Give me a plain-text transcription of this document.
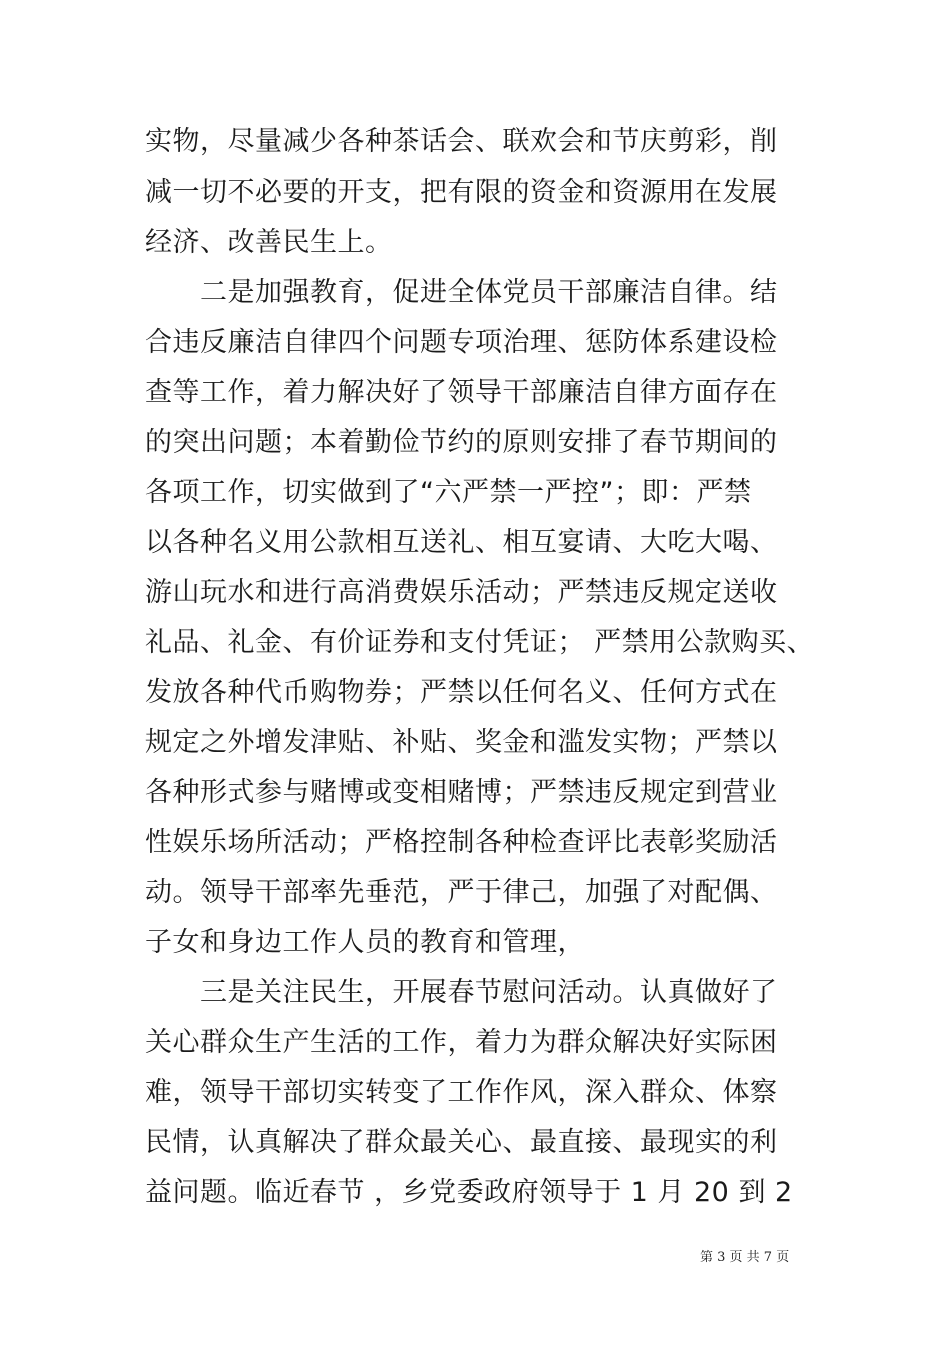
实物，尽量减少各种茶话会、联欢会和节庆剪彩，削
减一切不必要的开支，把有限的资金和资源用在发展
经济、改善民生上。
二是加强教育，促进全体党员干部廉洁自律。结
合违反廉洁自律四个问题专项治理、惩防体系建设检
查等工作，着力解决好了领导干部廉洁自律方面存在
的突出问题；本着勤俭节约的原则安排了春节期间的
各项工作，切实做到了“六严禁一严控”；即：严禁
以各种名义用公款相互送礼、相互宴请、大吃大喝、
游山玩水和进行高消费娱乐活动；严禁违反规定送收
礼品、礼金、有价证券和支付凭证； 严禁用公款购买、
发放各种代币购物券；严禁以任何名义、任何方式在
规定之外增发津贴、补贴、奖金和滥发实物；严禁以
各种形式参与赌博或变相赌博；严禁违反规定到营业
性娱乐场所活动；严格控制各种检查评比表彰奖励活
动。领导干部率先垂范，严于律己，加强了对配偶、
子女和身边工作人员的教育和管理，
三是关注民生，开展春节慰问活动。认真做好了
关心群众生产生活的工作，着力为群众解决好实际困
难，领导干部切实转变了工作作风，深入群众、体察
民情，认真解决了群众最关心、最直接、最现实的利
益问题。临近春节 ，乡党委政府领导于 1 月 20 到 2
第 3 页 共 7 页
